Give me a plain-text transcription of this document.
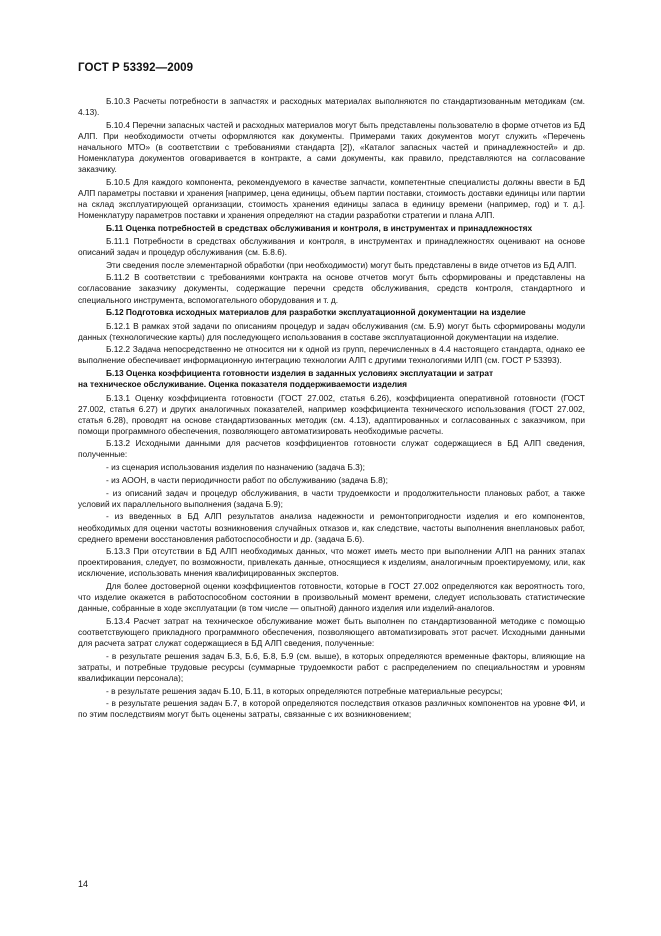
ГОСТ Р 53392—2009

Б.10.3 Расчеты потребности в запчастях и расходных материалах выполняются по стандартизованным методикам (см. 4.13).

Б.10.4 Перечни запасных частей и расходных материалов могут быть представлены пользователю в форме отчетов из БД АЛП. При необходимости отчеты оформляются как документы. Примерами таких документов могут служить «Перечень начального МТО» (в соответствии с требованиями стандарта [2]), «Каталог запасных частей и принадлежностей» и др. Номенклатура документов оговаривается в контракте, а сами документы, как правило, представляются на согласование заказчику.

Б.10.5 Для каждого компонента, рекомендуемого в качестве запчасти, компетентные специалисты должны ввести в БД АЛП параметры поставки и хранения [например, цена единицы, объем партии поставки, стоимость доставки единицы или партии на склад эксплуатирующей организации, стоимость хранения единицы запаса в единицу времени (например, год) и т. д.]. Номенклатуру параметров поставки и хранения определяют на стадии разработки стратегии и плана АЛП.

Б.11 Оценка потребностей в средствах обслуживания и контроля, в инструментах и принадлежностях

Б.11.1 Потребности в средствах обслуживания и контроля, в инструментах и принадлежностях оценивают на основе описаний задач и процедур обслуживания (см. Б.8.6).

Эти сведения после элементарной обработки (при необходимости) могут быть представлены в виде отчетов из БД АЛП.

Б.11.2 В соответствии с требованиями контракта на основе отчетов могут быть сформированы и представлены на согласование заказчику документы, содержащие перечни средств обслуживания, средств контроля, стандартного и специального инструмента, вспомогательного оборудования и т. д.

Б.12 Подготовка исходных материалов для разработки эксплуатационной документации на изделие

Б.12.1 В рамках этой задачи по описаниям процедур и задач обслуживания (см. Б.9) могут быть сформированы модули данных (технологические карты) для последующего использования в составе эксплуатационной документации на изделие.

Б.12.2 Задача непосредственно не относится ни к одной из групп, перечисленных в 4.4 настоящего стандарта, однако ее выполнение обеспечивает информационную интеграцию технологии АЛП с другими технологиями ИЛП (см. ГОСТ Р 53393).

Б.13 Оценка коэффициента готовности изделия в заданных условиях эксплуатации и затрат
на техническое обслуживание. Оценка показателя поддерживаемости изделия

Б.13.1 Оценку коэффициента готовности (ГОСТ 27.002, статья 6.26), коэффициента оперативной готовности (ГОСТ 27.002, статья 6.27) и других аналогичных показателей, например коэффициента технического использования (ГОСТ 27.002, статья 6.28), проводят на основе стандартизованных методик (см. 4.13), адаптированных и согласованных с заказчиком, при помощи программного обеспечения, позволяющего автоматизировать необходимые расчеты.

Б.13.2 Исходными данными для расчетов коэффициентов готовности служат содержащиеся в БД АЛП сведения, полученные:

- из сценария использования изделия по назначению (задача Б.3);

- из АООН, в части периодичности работ по обслуживанию (задача Б.8);

- из описаний задач и процедур обслуживания, в части трудоемкости и продолжительности плановых работ, а также условий их параллельного выполнения (задача Б.9);

- из введенных в БД АЛП результатов анализа надежности и ремонтопригодности изделия и его компонентов, необходимых для оценки частоты возникновения случайных отказов и, как следствие, частоты выполнения внеплановых работ, среднего времени восстановления работоспособности и др. (задача Б.6).

Б.13.3 При отсутствии в БД АЛП необходимых данных, что может иметь место при выполнении АЛП на ранних этапах проектирования, следует, по возможности, привлекать данные, относящиеся к изделиям, аналогичным проектируемому, или, как исключение, использовать мнения квалифицированных экспертов.

Для более достоверной оценки коэффициентов готовности, которые в ГОСТ 27.002 определяются как вероятность того, что изделие окажется в работоспособном состоянии в произвольный момент времени, следует использовать статистические данные, собранные в ходе эксплуатации (в том числе — опытной) данного изделия или изделий-аналогов.

Б.13.4 Расчет затрат на техническое обслуживание может быть выполнен по стандартизованной методике с помощью соответствующего прикладного программного обеспечения, позволяющего автоматизировать этот расчет. Исходными данными для расчета затрат служат содержащиеся в БД АЛП сведения, полученные:

- в результате решения задач Б.3, Б.6, Б.8, Б.9 (см. выше), в которых определяются временные факторы, влияющие на затраты, и потребные трудовые ресурсы (суммарные трудоемкости работ с распределением по специальностям и уровням квалификации персонала);

- в результате решения задач Б.10, Б.11, в которых определяются потребные материальные ресурсы;

- в результате решения задач Б.7, в которой определяются последствия отказов различных компонентов на уровне ФИ, и по этим последствиям могут быть оценены затраты, связанные с их возникновением;

14
